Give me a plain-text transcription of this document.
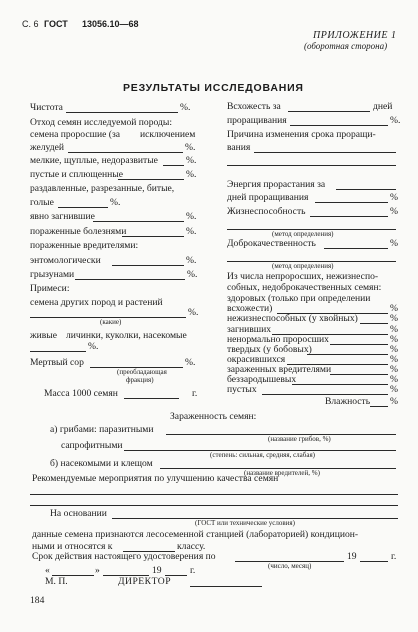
С. 6 ГОСТ 13056.10—68
ПРИЛОЖЕНИЕ 1
(оборотная сторона)
РЕЗУЛЬТАТЫ ИССЛЕДОВАНИЯ
Чистота	%.
Отход семян исследуемой породы:
семена проросшие (за исключением
желудей	%.
мелкие, щуплые, недоразвитые	%.
пустые и сплющенные	%.
раздавленные, разрезанные, битые,
голые	%.
явно загнившие	%.
пораженные болезнями	%.
пораженные вредителями:
энтомологически	%.
грызунами	%.
Примеси:
семена других пород и растений
%.
(какие)
живые личинки, куколки, насекомые
%.
Мертвый сор	%.
(преобладающая
фракция)
Масса 1000 семян	г.
Всхожесть за	дней
проращивания	%.
Причина изменения срока проращи-
вания
Энергия прорастания за
дней проращивания	%
Жизнеспособность	%
(метод определения)
Доброкачественность	%
(метод определения)
Из числа непроросших, нежизнеспо-
собных, недоброкачественных семян:
здоровых (только при определении
всхожести)	%
нежизнеспособных (у хвойных)	%
загнивших	%
ненормально проросших	%
твердых (у бобовых)	%
окрасившихся	%
зараженных вредителями	%
беззародышевых	%
пустых	%
Влажность %
Зараженность семян:
а) грибами: паразитными
(название грибов, %)
сапрофитными
(степень: сильная, средняя, слабая)
б) насекомыми и клещом
(название вредителей, %)
Рекомендуемые мероприятия по улучшению качества семян
На основании
(ГОСТ или технические условия)
данные семена признаются лесосеменной станцией (лабораторией) кондицион-
ными и относятся к	классу.
Срок действия настоящего удостоверения по	19	г.
(число, месяц)
«	»	19	г.
М. П.	ДИРЕКТОР
184
